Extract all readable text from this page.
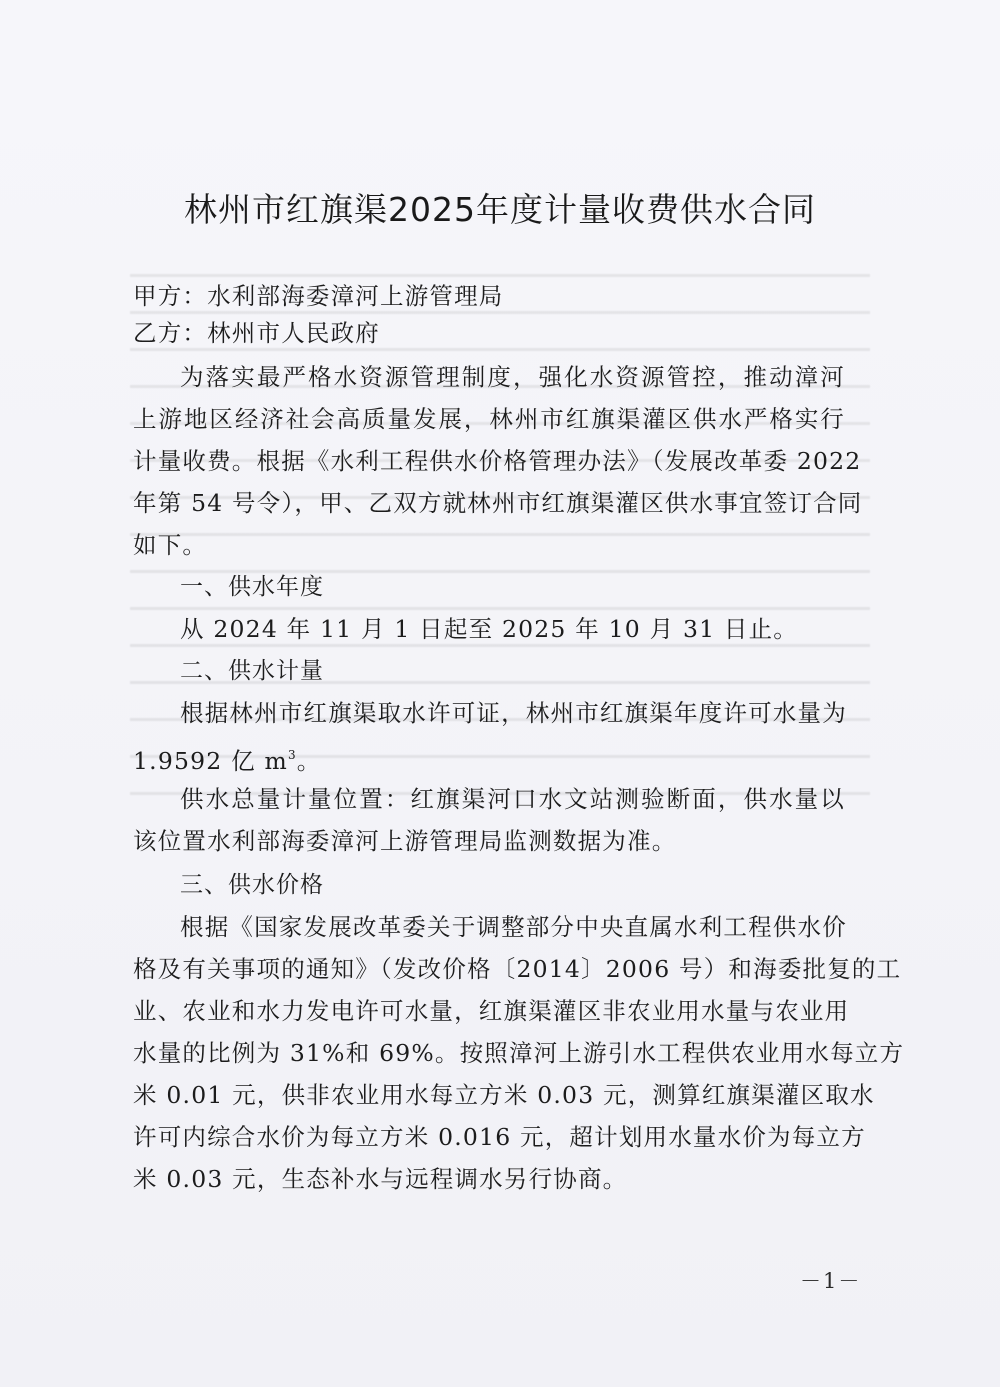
林州市红旗渠2025年度计量收费供水合同
甲方：水利部海委漳河上游管理局
乙方：林州市人民政府
为落实最严格水资源管理制度，强化水资源管控，推动漳河
上游地区经济社会高质量发展，林州市红旗渠灌区供水严格实行
计量收费。根据《水利工程供水价格管理办法》（发展改革委 2022
年第 54 号令），甲、乙双方就林州市红旗渠灌区供水事宜签订合同
如下。
一、供水年度
从 2024 年 11 月 1 日起至 2025 年 10 月 31 日止。
二、供水计量
根据林州市红旗渠取水许可证，林州市红旗渠年度许可水量为
1.9592 亿 $m^3$。
供水总量计量位置：红旗渠河口水文站测验断面，供水量以
该位置水利部海委漳河上游管理局监测数据为准。
三、供水价格
根据《国家发展改革委关于调整部分中央直属水利工程供水价
格及有关事项的通知》（发改价格〔2014〕2006 号）和海委批复的工
业、农业和水力发电许可水量，红旗渠灌区非农业用水量与农业用
水量的比例为 31%和 69%。按照漳河上游引水工程供农业用水每立方
米 0.01 元，供非农业用水每立方米 0.03 元，测算红旗渠灌区取水
许可内综合水价为每立方米 0.016 元，超计划用水量水价为每立方
米 0.03 元，生态补水与远程调水另行协商。
－1－
